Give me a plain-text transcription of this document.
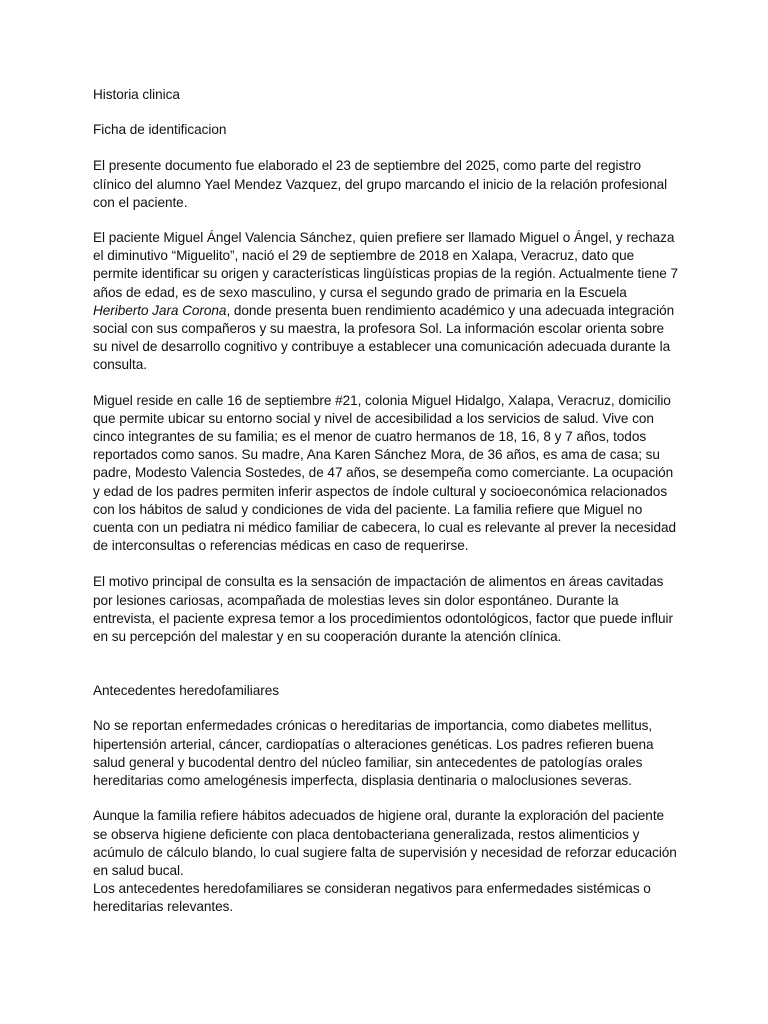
Historia clinica

Ficha de identificacion

El presente documento fue elaborado el 23 de septiembre del 2025, como parte del registro clínico del alumno Yael Mendez Vazquez, del grupo marcando el inicio de la relación profesional con el paciente.

El paciente Miguel Ángel Valencia Sánchez, quien prefiere ser llamado Miguel o Ángel, y rechaza el diminutivo “Miguelito”, nació el 29 de septiembre de 2018 en Xalapa, Veracruz, dato que permite identificar su origen y características lingüísticas propias de la región. Actualmente tiene 7 años de edad, es de sexo masculino, y cursa el segundo grado de primaria en la Escuela Heriberto Jara Corona, donde presenta buen rendimiento académico y una adecuada integración social con sus compañeros y su maestra, la profesora Sol. La información escolar orienta sobre su nivel de desarrollo cognitivo y contribuye a establecer una comunicación adecuada durante la consulta.

Miguel reside en calle 16 de septiembre #21, colonia Miguel Hidalgo, Xalapa, Veracruz, domicilio que permite ubicar su entorno social y nivel de accesibilidad a los servicios de salud. Vive con cinco integrantes de su familia; es el menor de cuatro hermanos de 18, 16, 8 y 7 años, todos reportados como sanos. Su madre, Ana Karen Sánchez Mora, de 36 años, es ama de casa; su padre, Modesto Valencia Sostedes, de 47 años, se desempeña como comerciante. La ocupación y edad de los padres permiten inferir aspectos de índole cultural y socioeconómica relacionados con los hábitos de salud y condiciones de vida del paciente. La familia refiere que Miguel no cuenta con un pediatra ni médico familiar de cabecera, lo cual es relevante al prever la necesidad de interconsultas o referencias médicas en caso de requerirse.

El motivo principal de consulta es la sensación de impactación de alimentos en áreas cavitadas por lesiones cariosas, acompañada de molestias leves sin dolor espontáneo. Durante la entrevista, el paciente expresa temor a los procedimientos odontológicos, factor que puede influir en su percepción del malestar y en su cooperación durante la atención clínica.

Antecedentes heredofamiliares

No se reportan enfermedades crónicas o hereditarias de importancia, como diabetes mellitus, hipertensión arterial, cáncer, cardiopatías o alteraciones genéticas. Los padres refieren buena salud general y bucodental dentro del núcleo familiar, sin antecedentes de patologías orales hereditarias como amelogénesis imperfecta, displasia dentinaria o maloclusiones severas.

Aunque la familia refiere hábitos adecuados de higiene oral, durante la exploración del paciente se observa higiene deficiente con placa dentobacteriana generalizada, restos alimenticios y acúmulo de cálculo blando, lo cual sugiere falta de supervisión y necesidad de reforzar educación en salud bucal.

Los antecedentes heredofamiliares se consideran negativos para enfermedades sistémicas o hereditarias relevantes.
